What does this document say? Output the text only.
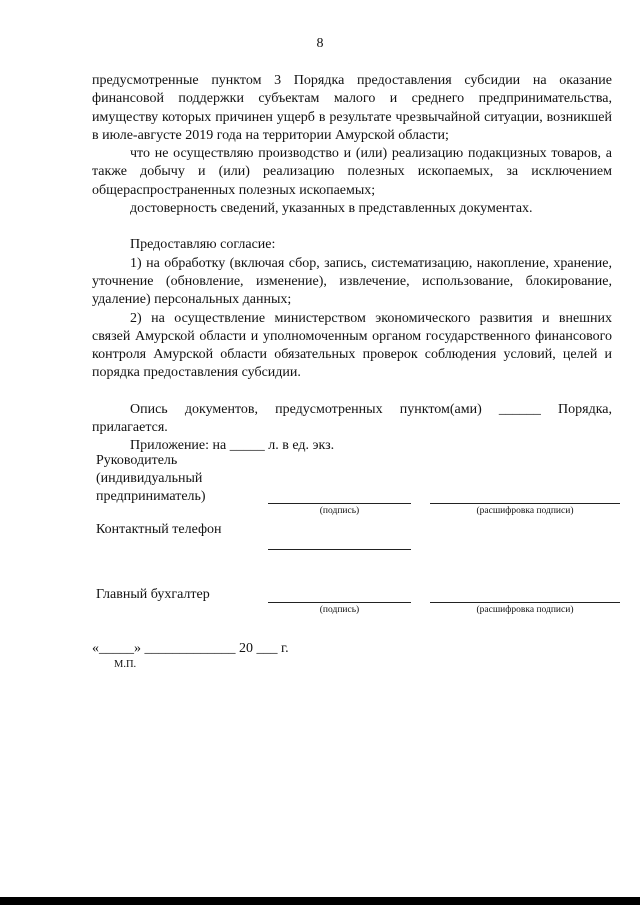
8

предусмотренные пунктом 3 Порядка предоставления субсидии на оказание финансовой поддержки субъектам малого и среднего предпринимательства, имуществу которых причинен ущерб в результате чрезвычайной ситуации, возникшей в июле-августе 2019 года на территории Амурской области;

что не осуществляю производство и (или) реализацию подакцизных товаров, а также добычу и (или) реализацию полезных ископаемых, за исключением общераспространенных полезных ископаемых;

достоверность сведений, указанных в представленных документах.

Предоставляю согласие:

1) на обработку (включая сбор, запись, систематизацию, накопление, хранение, уточнение (обновление, изменение), извлечение, использование, блокирование, удаление) персональных данных;

2) на осуществление министерством экономического развития и внешних связей Амурской области и уполномоченным органом государственного финансового контроля Амурской области обязательных проверок соблюдения условий, целей и порядка предоставления субсидии.

Опись документов, предусмотренных пунктом(ами) ______ Порядка, прилагается.

Приложение: на _____ л. в ед. экз.

Руководитель (индивидуальный предприниматель)
(подпись)	(расшифровка подписи)
Контактный телефон
Главный бухгалтер
(подпись)	(расшифровка подписи)
«_____» _____________ 20 ___ г.
М.П.
